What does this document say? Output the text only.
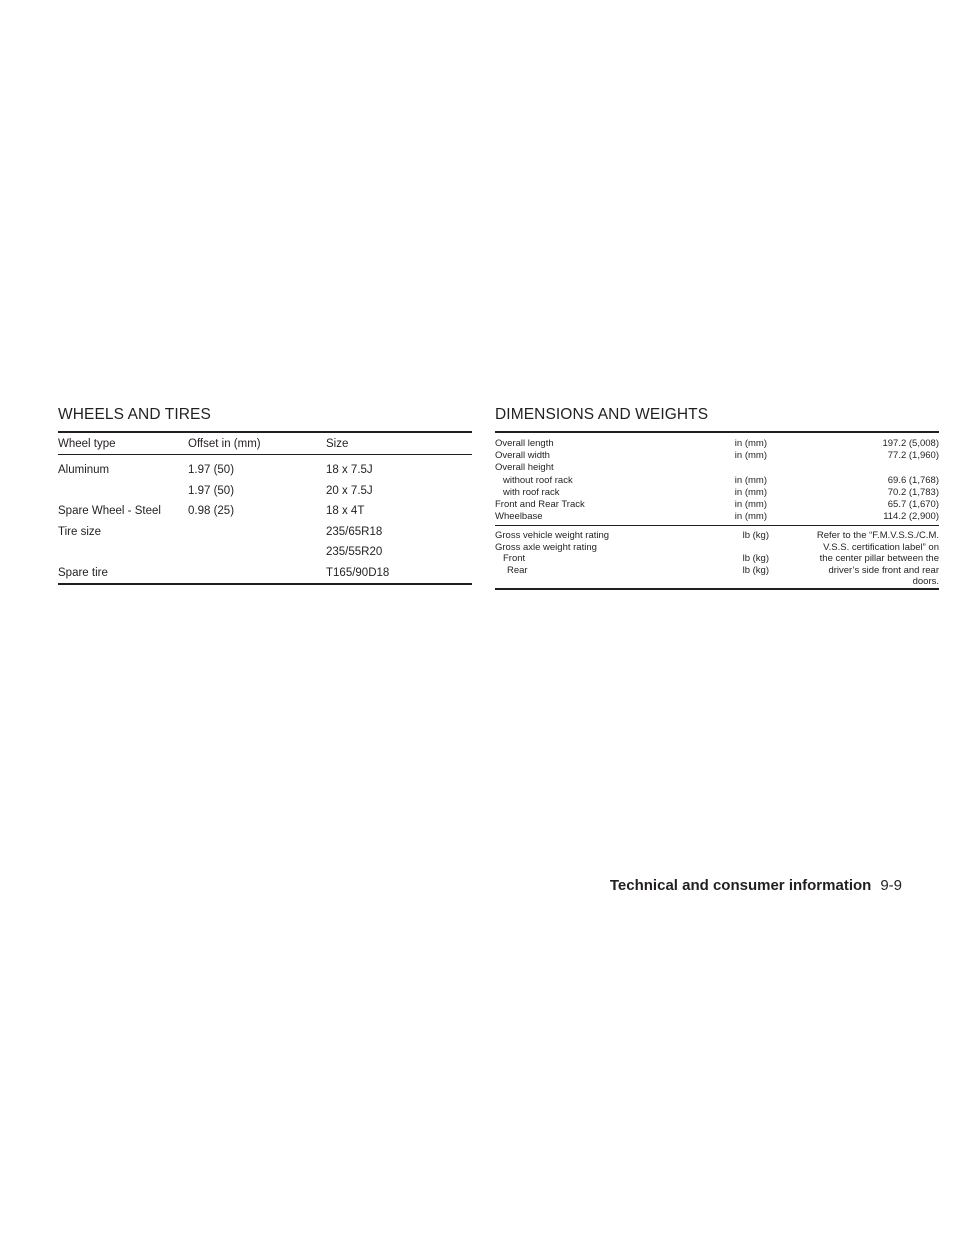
WHEELS AND TIRES
Wheel type	Offset in (mm)	Size
Aluminum	1.97 (50)	18 x 7.5J
	1.97 (50)	20 x 7.5J
Spare Wheel - Steel	0.98 (25)	18 x 4T
Tire size		235/65R18
		235/55R20
Spare tire		T165/90D18
DIMENSIONS AND WEIGHTS
Overall length	in (mm)	197.2 (5,008)
Overall width	in (mm)	77.2 (1,960)
Overall height
without roof rack	in (mm)	69.6 (1,768)
with roof rack	in (mm)	70.2 (1,783)
Front and Rear Track	in (mm)	65.7 (1,670)
Wheelbase	in (mm)	114.2 (2,900)
Gross vehicle weight rating	lb (kg)
Gross axle weight rating
Front	lb (kg)
Rear	lb (kg)
Refer to the “F.M.V.S.S./C.M.
V.S.S. certification label” on
the center pillar between the
driver’s side front and rear
doors.
Technical and consumer information 9-9
